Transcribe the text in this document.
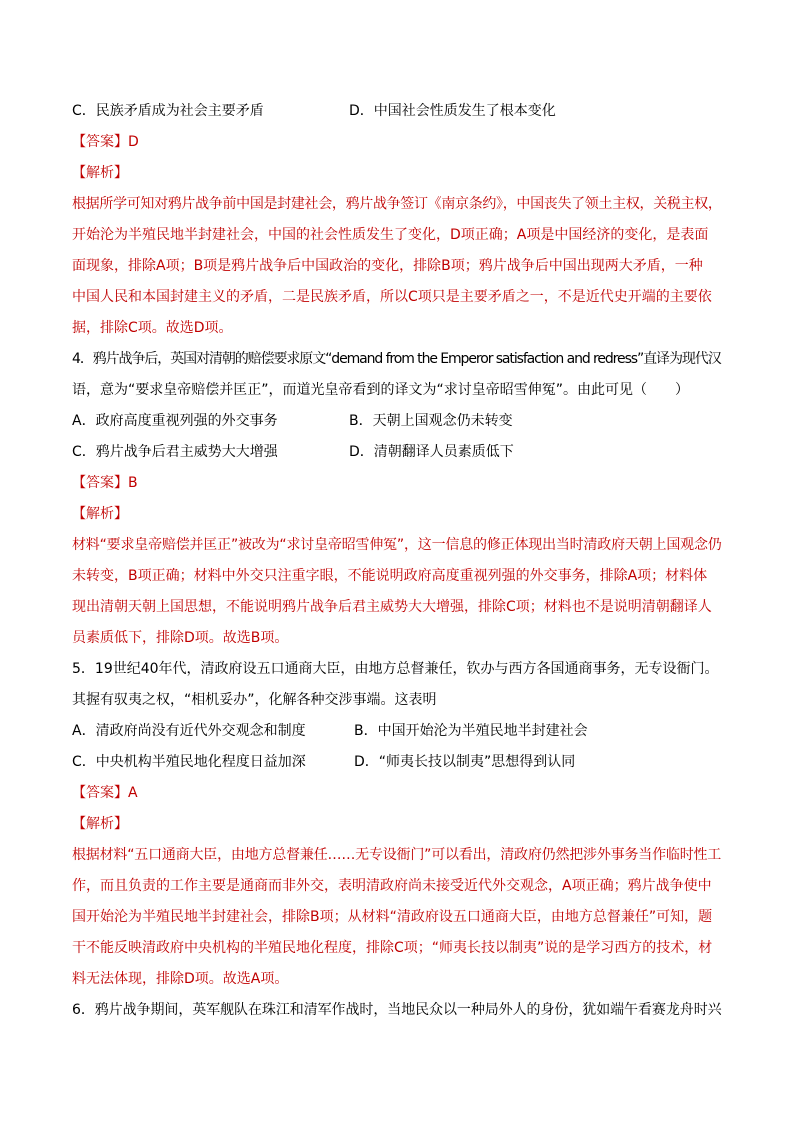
C．民族矛盾成为社会主要矛盾	D．中国社会性质发生了根本变化
【答案】D
【解析】
根据所学可知对鸦片战争前中国是封建社会，鸦片战争签订《南京条约》，中国丧失了领土主权，关税主权，
开始沦为半殖民地半封建社会，中国的社会性质发生了变化，D项正确；A项是中国经济的变化，是表面
面现象，排除A项；B项是鸦片战争后中国政治的变化，排除B项；鸦片战争后中国出现两大矛盾，一种
中国人民和本国封建主义的矛盾，二是民族矛盾，所以C项只是主要矛盾之一，不是近代史开端的主要依
据，排除C项。故选D项。
4．鸦片战争后，英国对清朝的赔偿要求原文“demand from the Emperor satisfaction and redress”直译为现代汉
语，意为“要求皇帝赔偿并匡正”，而道光皇帝看到的译文为“求讨皇帝昭雪伸冤”。由此可见（　　）
A．政府高度重视列强的外交事务	B．天朝上国观念仍未转变
C．鸦片战争后君主威势大大增强	D．清朝翻译人员素质低下
【答案】B
【解析】
材料“要求皇帝赔偿并匡正”被改为“求讨皇帝昭雪伸冤”，这一信息的修正体现出当时清政府天朝上国观念仍
未转变，B项正确；材料中外交只注重字眼，不能说明政府高度重视列强的外交事务，排除A项；材料体
现出清朝天朝上国思想，不能说明鸦片战争后君主威势大大增强，排除C项；材料也不是说明清朝翻译人
员素质低下，排除D项。故选B项。
5．19世纪40年代，清政府设五口通商大臣，由地方总督兼任，钦办与西方各国通商事务，无专设衙门。
其握有驭夷之权，“相机妥办”，化解各种交涉事端。这表明
A．清政府尚没有近代外交观念和制度	B．中国开始沦为半殖民地半封建社会
C．中央机构半殖民地化程度日益加深	D．“师夷长技以制夷”思想得到认同
【答案】A
【解析】
根据材料“五口通商大臣，由地方总督兼任……无专设衙门”可以看出，清政府仍然把涉外事务当作临时性工
作，而且负责的工作主要是通商而非外交，表明清政府尚未接受近代外交观念，A项正确；鸦片战争使中
国开始沦为半殖民地半封建社会，排除B项；从材料“清政府设五口通商大臣，由地方总督兼任”可知，题
干不能反映清政府中央机构的半殖民地化程度，排除C项；“师夷长技以制夷”说的是学习西方的技术，材
料无法体现，排除D项。故选A项。
6．鸦片战争期间，英军舰队在珠江和清军作战时，当地民众以一种局外人的身份，犹如端午看赛龙舟时兴
